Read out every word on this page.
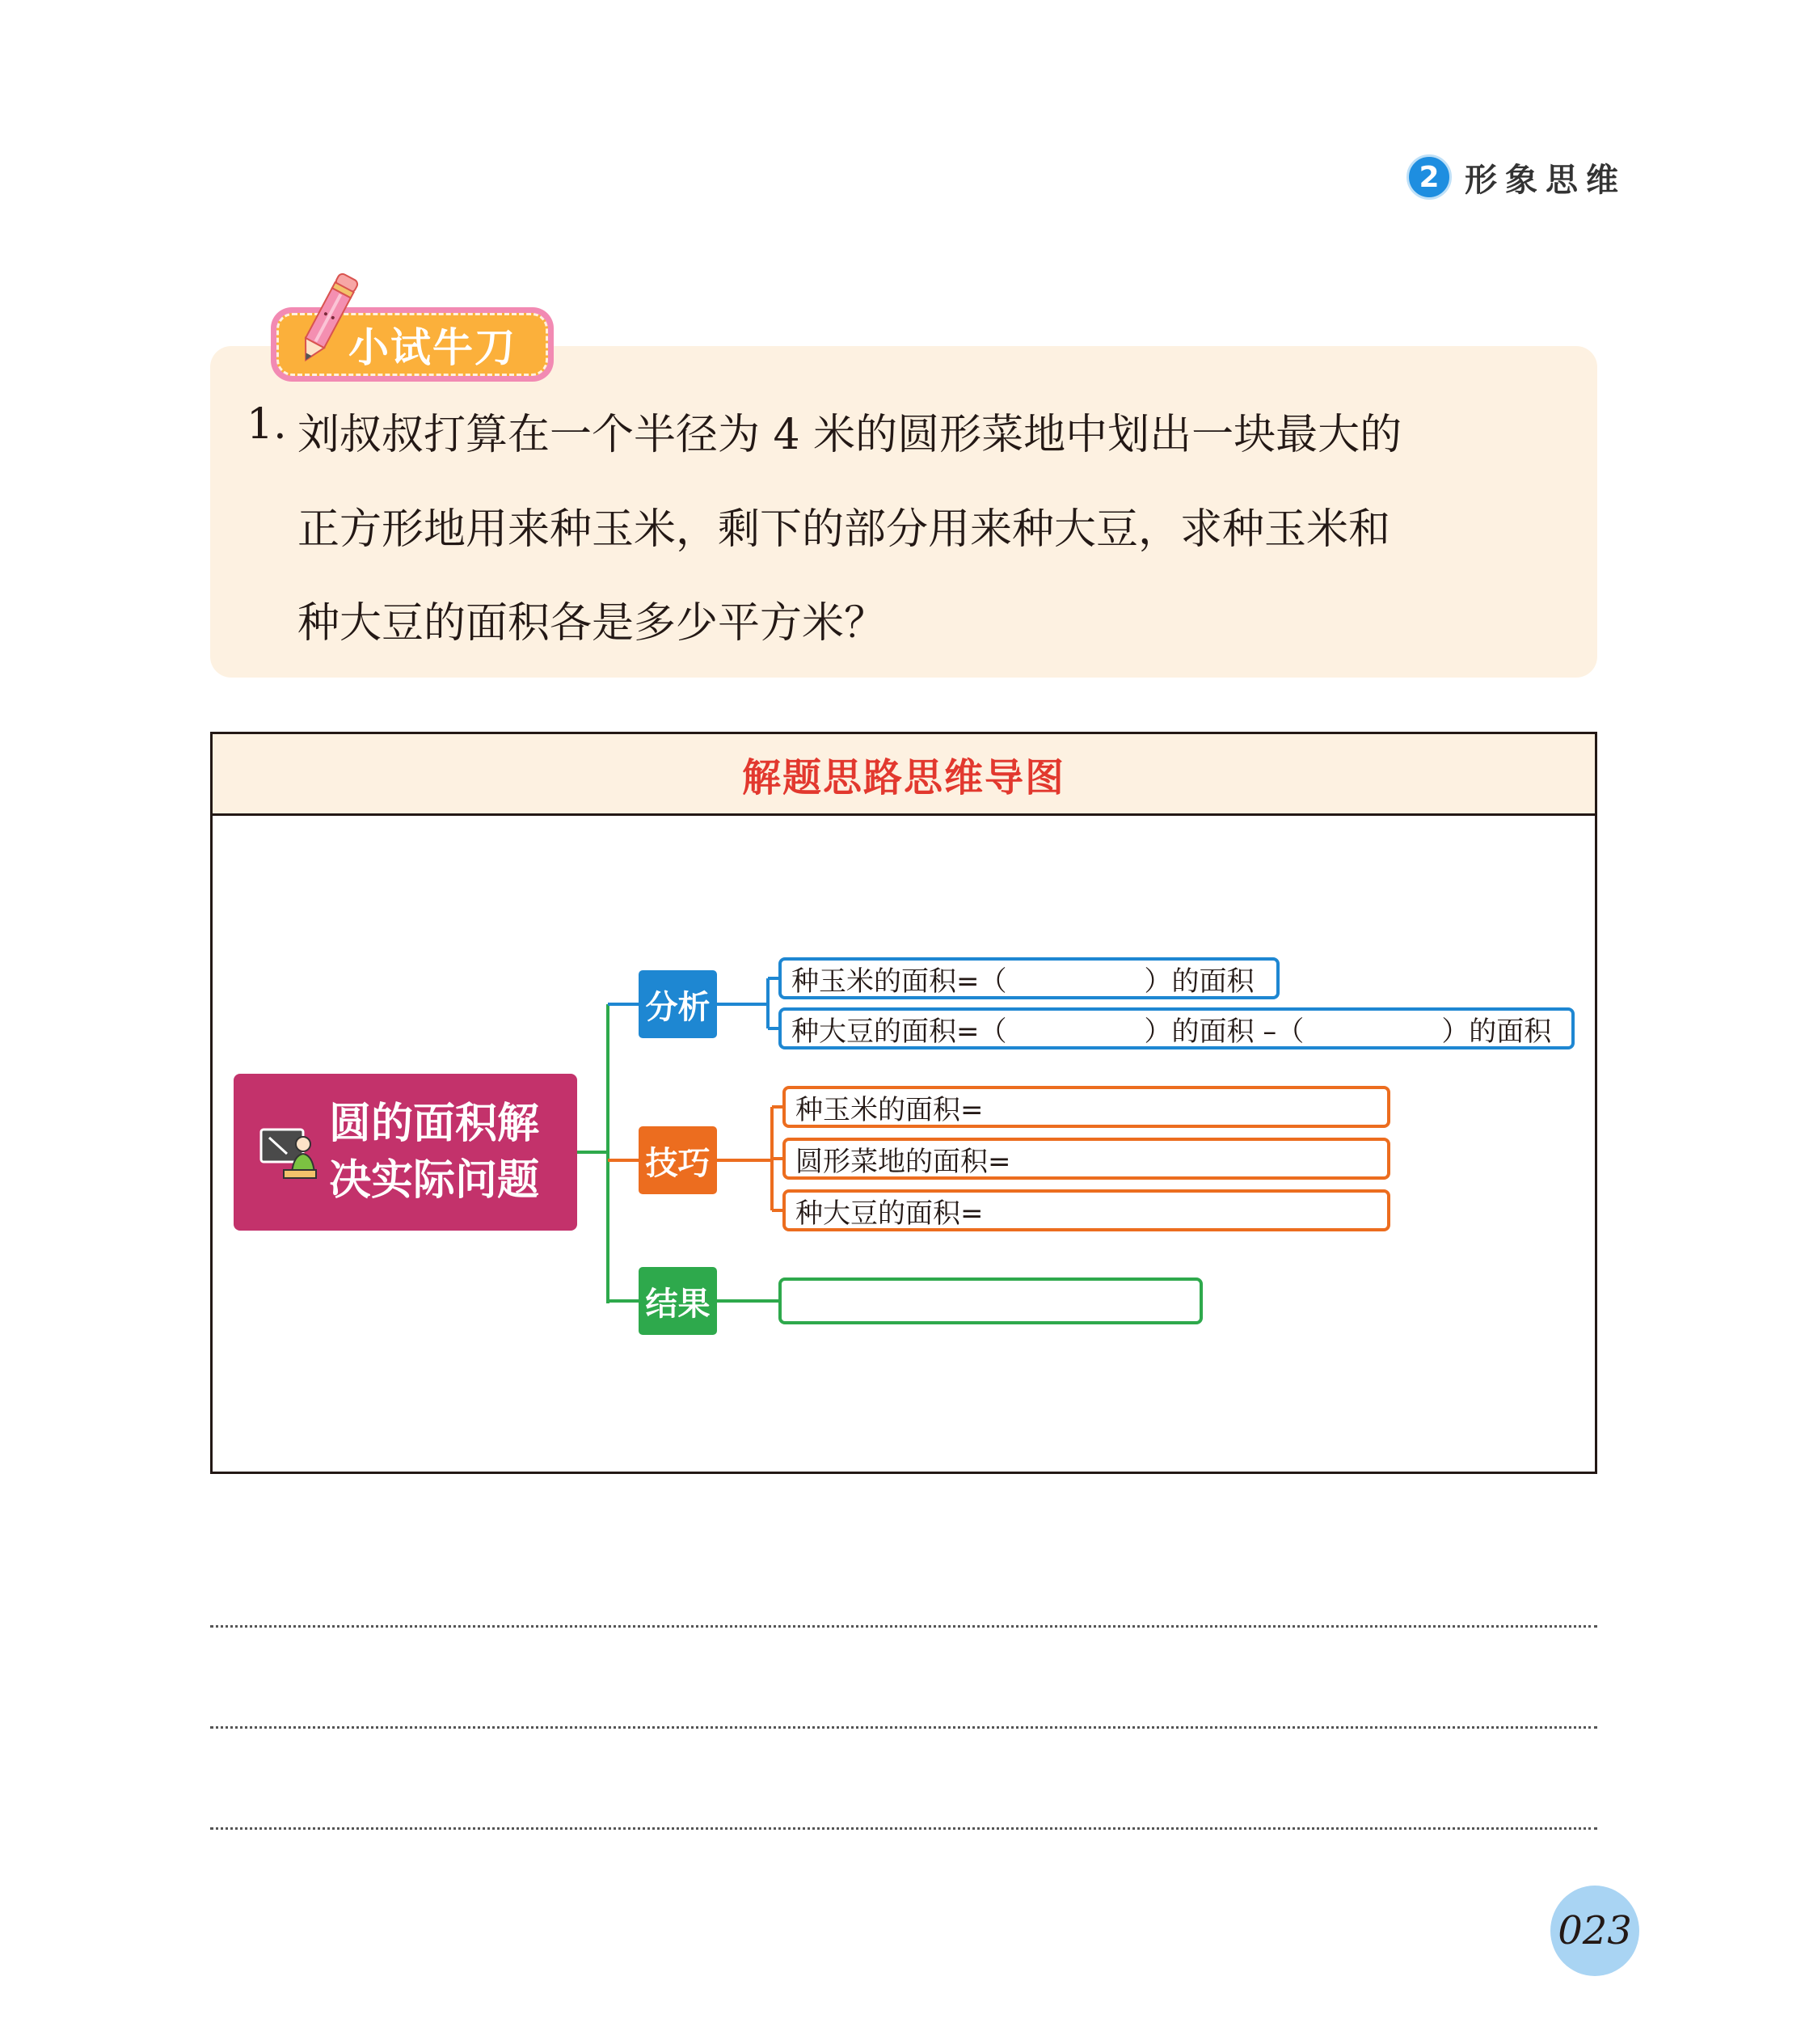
2 形象思维
小试牛刀
1. 刘叔叔打算在一个半径为 4 米的圆形菜地中划出一块最大的
正方形地用来种玉米，剩下的部分用来种大豆，求种玉米和
种大豆的面积各是多少平方米？
解题思路思维导图
圆的面积解决实际问题
分析
技巧
结果
种玉米的面积=（	）的面积
种大豆的面积=（	）的面积 –（	）的面积
种玉米的面积=
圆形菜地的面积=
种大豆的面积=
023
